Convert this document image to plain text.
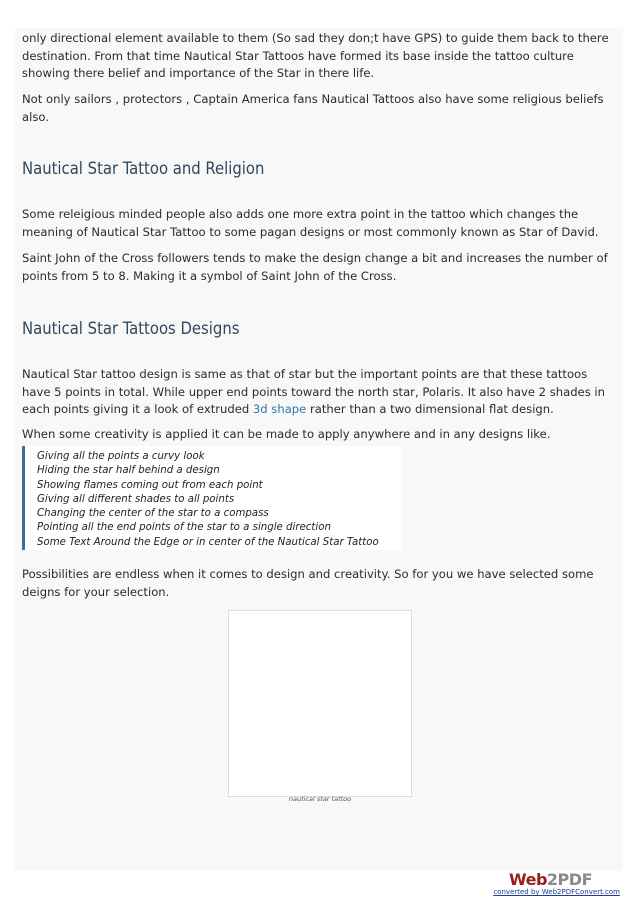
only directional element available to them (So sad they don;t have GPS) to guide them back to there destination. From that time Nautical Star Tattoos have formed its base inside the tattoo culture showing there belief and importance of the Star in there life.

Not only sailors , protectors , Captain America fans Nautical Tattoos also have some religious beliefs also.

Nautical Star Tattoo and Religion

Some releigious minded people also adds one more extra point in the tattoo which changes the meaning of Nautical Star Tattoo to some pagan designs or most commonly known as Star of David.

Saint John of the Cross followers tends to make the design change a bit and increases the number of points from 5 to 8. Making it a symbol of Saint John of the Cross.

Nautical Star Tattoos Designs

Nautical Star tattoo design is same as that of star but the important points are that these tattoos have 5 points in total. While upper end points toward the north star, Polaris. It also have 2 shades in each points giving it a look of extruded 3d shape rather than a two dimensional flat design.

When some creativity is applied it can be made to apply anywhere and in any designs like.

Giving all the points a curvy look
Hiding the star half behind a design
Showing flames coming out from each point
Giving all different shades to all points
Changing the center of the star to a compass
Pointing all the end points of the star to a single direction
Some Text Around the Edge or in center of the Nautical Star Tattoo

Possibilities are endless when it comes to design and creativity. So for you we have selected some deigns for your selection.

nautical star tattoo
Web2PDF
converted by Web2PDFConvert.com
